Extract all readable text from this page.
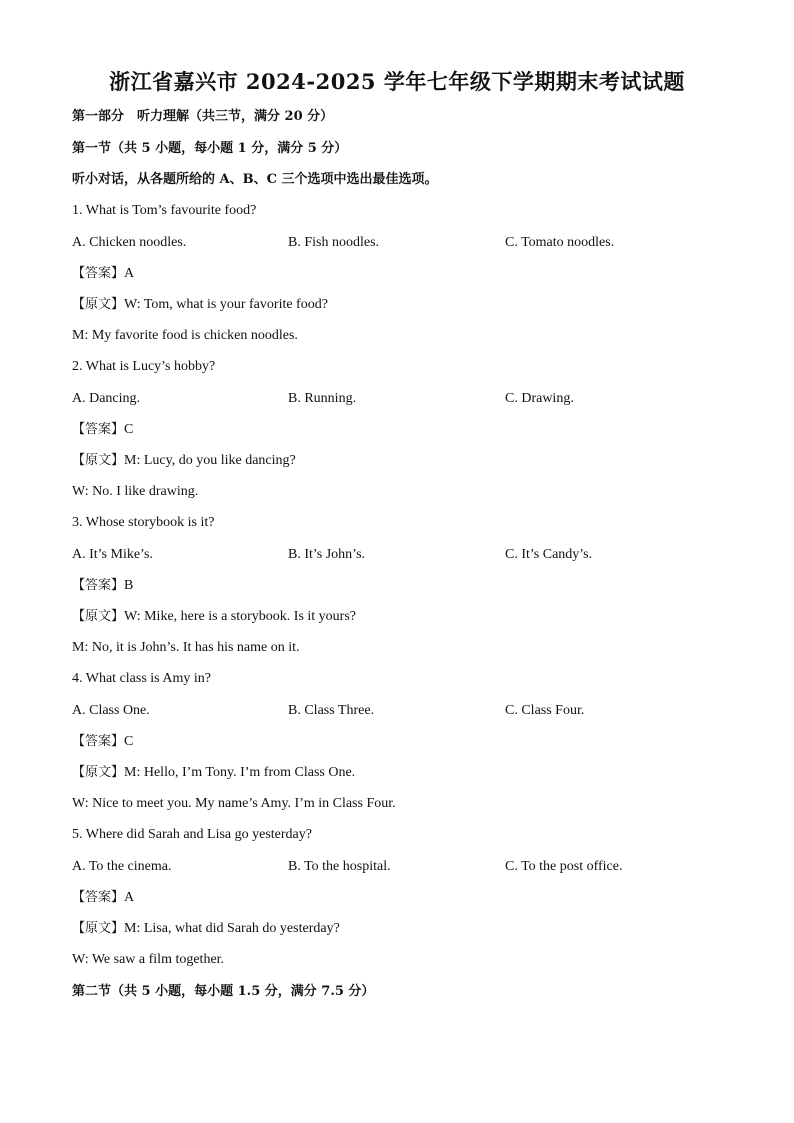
浙江省嘉兴市 2024-2025 学年七年级下学期期末考试试题
第一部分　听力理解（共三节，满分 20 分）
第一节（共 5 小题，每小题 1 分，满分 5 分）
听小对话，从各题所给的 A、B、C 三个选项中选出最佳选项。
1. What is Tom’s favourite food?
A. Chicken noodles.	B. Fish noodles.	C. Tomato noodles.
【答案】A
【原文】W: Tom, what is your favorite food?
M: My favorite food is chicken noodles.
2. What is Lucy’s hobby?
A. Dancing.	B. Running.	C. Drawing.
【答案】C
【原文】M: Lucy, do you like dancing?
W: No. I like drawing.
3. Whose storybook is it?
A. It’s Mike’s.	B. It’s John’s.	C. It’s Candy’s.
【答案】B
【原文】W: Mike, here is a storybook. Is it yours?
M: No, it is John’s. It has his name on it.
4. What class is Amy in?
A. Class One.	B. Class Three.	C. Class Four.
【答案】C
【原文】M: Hello, I’m Tony. I’m from Class One.
W: Nice to meet you. My name’s Amy. I’m in Class Four.
5. Where did Sarah and Lisa go yesterday?
A. To the cinema.	B. To the hospital.	C. To the post office.
【答案】A
【原文】M: Lisa, what did Sarah do yesterday?
W: We saw a film together.
第二节（共 5 小题，每小题 1.5 分，满分 7.5 分）
